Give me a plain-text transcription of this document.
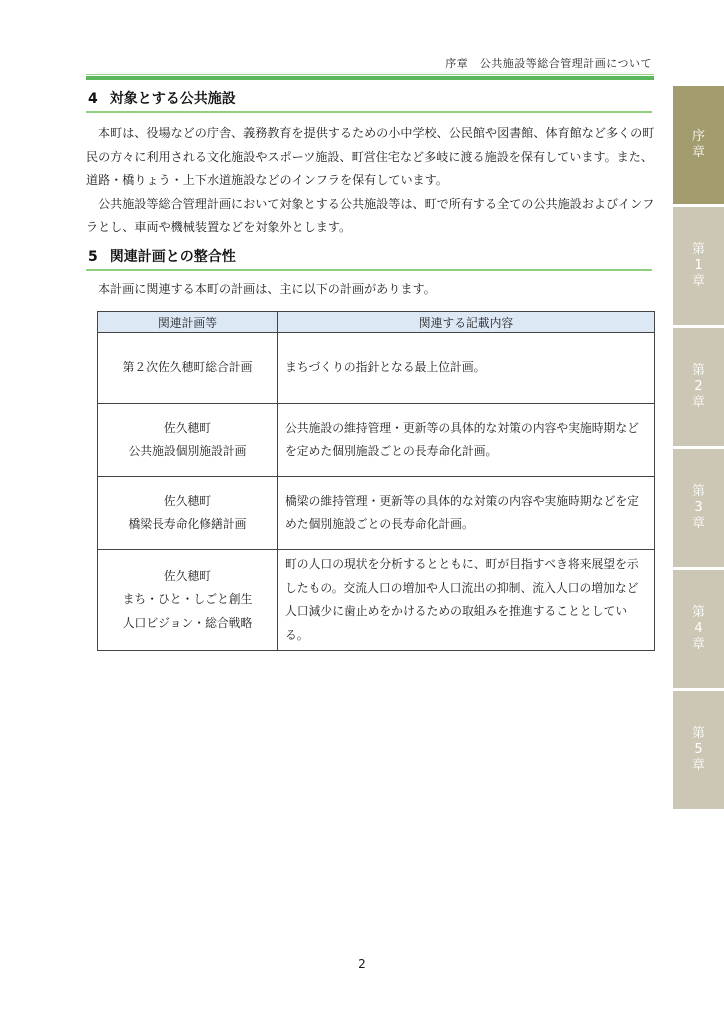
序章　公共施設等総合管理計画について
4 対象とする公共施設

本町は、役場などの庁舎、義務教育を提供するための小中学校、公民館や図書館、体育館など多くの町民の方々に利用される文化施設やスポーツ施設、町営住宅など多岐に渡る施設を保有しています。また、道路・橋りょう・上下水道施設などのインフラを保有しています。

公共施設等総合管理計画において対象とする公共施設等は、町で所有する全ての公共施設およびインフラとし、車両や機械装置などを対象外とします。

5 関連計画との整合性
本計画に関連する本町の計画は、主に以下の計画があります。
関連計画等	関連する記載内容

第２次佐久穂町総合計画	まちづくりの指針となる最上位計画。

佐久穂町
公共施設個別施設計画	公共施設の維持管理・更新等の具体的な対策の内容や実施時期などを定めた個別施設ごとの長寿命化計画。

佐久穂町
橋梁長寿命化修繕計画	橋梁の維持管理・更新等の具体的な対策の内容や実施時期などを定めた個別施設ごとの長寿命化計画。

佐久穂町
まち・ひと・しごと創生
人口ビジョン・総合戦略	町の人口の現状を分析するとともに、町が目指すべき将来展望を示したもの。交流人口の増加や人口流出の抑制、流入人口の増加など人口減少に歯止めをかけるための取組みを推進することとしている。
2
序章
第1章
第2章
第3章
第4章
第5章
